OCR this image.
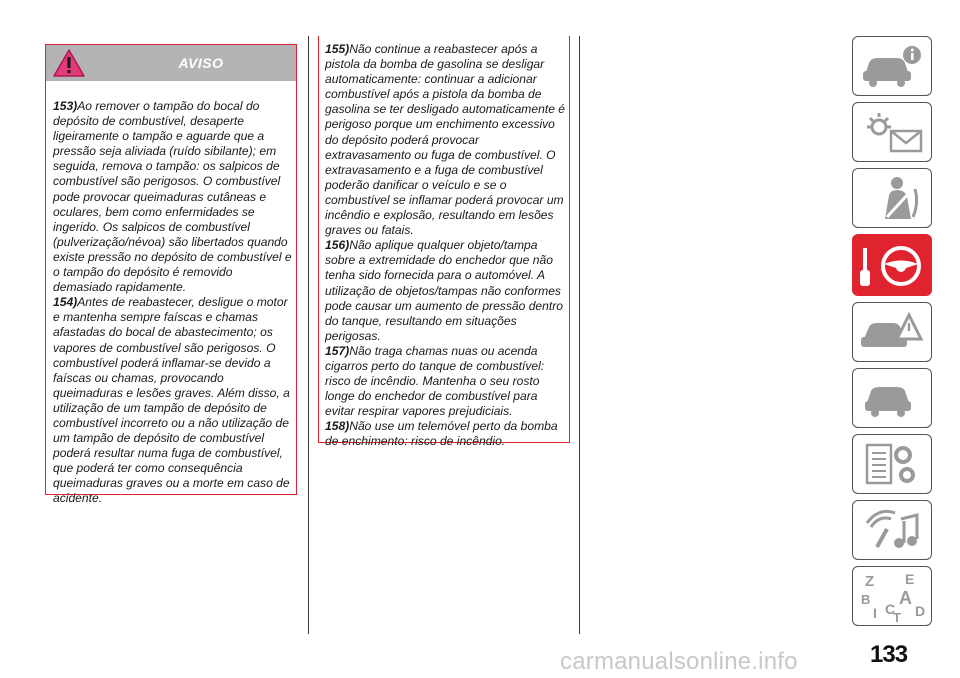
AVISO

153)Ao remover o tampão do bocal do depósito de combustível, desaperte ligeiramente o tampão e aguarde que a pressão seja aliviada (ruído sibilante); em seguida, remova o tampão: os salpicos de combustível são perigosos. O combustível pode provocar queimaduras cutâneas e oculares, bem como enfermidades se ingerido. Os salpicos de combustível (pulverização/névoa) são libertados quando existe pressão no depósito de combustível e o tampão do depósito é removido demasiado rapidamente.

154)Antes de reabastecer, desligue o motor e mantenha sempre faíscas e chamas afastadas do bocal de abastecimento; os vapores de combustível são perigosos. O combustível poderá inflamar-se devido a faíscas ou chamas, provocando queimaduras e lesões graves. Além disso, a utilização de um tampão de depósito de combustível incorreto ou a não utilização de um tampão de depósito de combustível poderá resultar numa fuga de combustível, que poderá ter como consequência queimaduras graves ou a morte em caso de acidente.

155)Não continue a reabastecer após a pistola da bomba de gasolina se desligar automaticamente: continuar a adicionar combustível após a pistola da bomba de gasolina se ter desligado automaticamente é perigoso porque um enchimento excessivo do depósito poderá provocar extravasamento ou fuga de combustível. O extravasamento e a fuga de combustível poderão danificar o veículo e se o combustível se inflamar poderá provocar um incêndio e explosão, resultando em lesões graves ou fatais.

156)Não aplique qualquer objeto/tampa sobre a extremidade do enchedor que não tenha sido fornecida para o automóvel. A utilização de objetos/tampas não conformes pode causar um aumento de pressão dentro do tanque, resultando em situações perigosas.

157)Não traga chamas nuas ou acenda cigarros perto do tanque de combustível: risco de incêndio. Mantenha o seu rosto longe do enchedor de combustível para evitar respirar vapores prejudiciais.

158)Não use um telemóvel perto da bomba de enchimento: risco de incêndio.

Z E
B A
I C D
T
133
carmanualsonline.info
